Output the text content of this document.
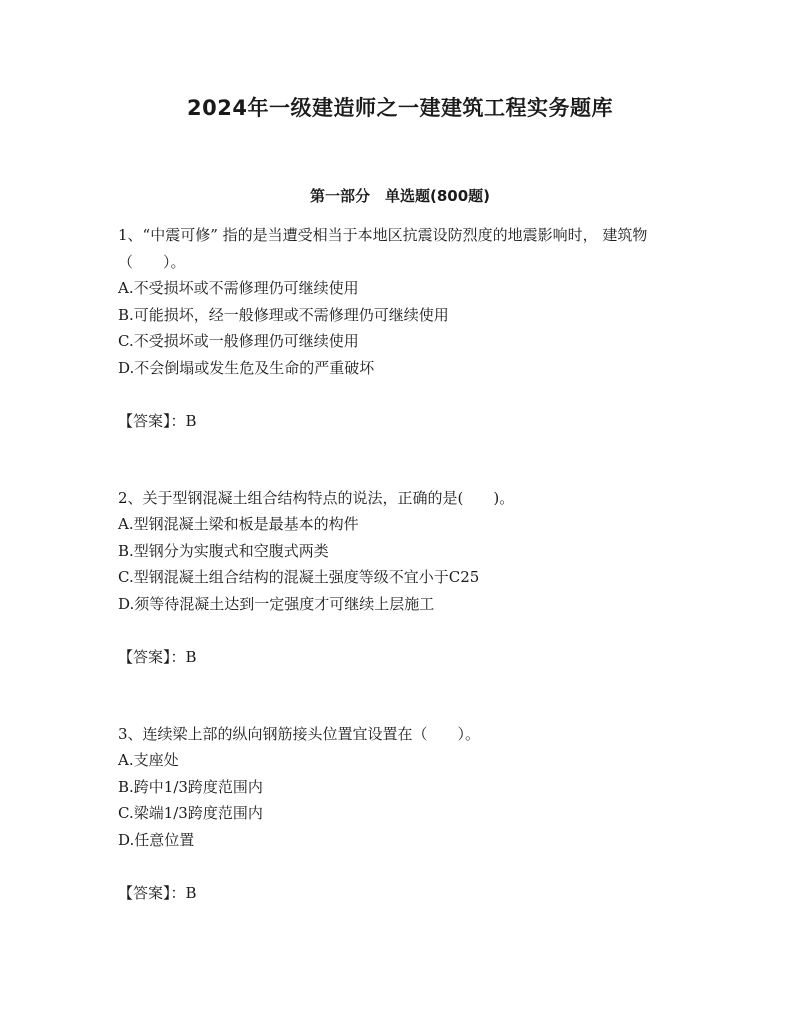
2024年一级建造师之一建建筑工程实务题库
第一部分　单选题(800题)

1、“中震可修” 指的是当遭受相当于本地区抗震设防烈度的地震影响时， 建筑物（　　）。

A.不受损坏或不需修理仍可继续使用

B.可能损坏，经一般修理或不需修理仍可继续使用

C.不受损坏或一般修理仍可继续使用

D.不会倒塌或发生危及生命的严重破坏

【答案】：B

2、关于型钢混凝土组合结构特点的说法，正确的是(　　)。

A.型钢混凝土梁和板是最基本的构件

B.型钢分为实腹式和空腹式两类

C.型钢混凝土组合结构的混凝土强度等级不宜小于C25

D.须等待混凝土达到一定强度才可继续上层施工

【答案】：B

3、连续梁上部的纵向钢筋接头位置宜设置在（　　）。

A.支座处

B.跨中1/3跨度范围内

C.梁端1/3跨度范围内

D.任意位置

【答案】：B
